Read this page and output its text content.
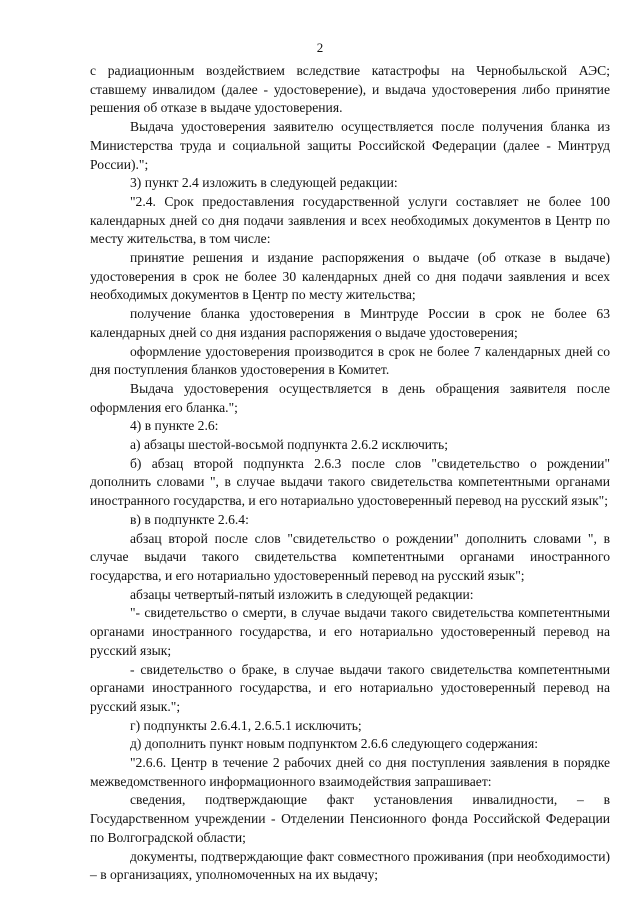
2

с радиационным воздействием вследствие катастрофы на Чернобыльской АЭС; ставшему инвалидом (далее - удостоверение), и выдача удостоверения либо принятие решения об отказе в выдаче удостоверения.

Выдача удостоверения заявителю осуществляется после получения бланка из Министерства труда и социальной защиты Российской Федерации (далее - Минтруд России).";

3) пункт 2.4 изложить в следующей редакции:

"2.4. Срок предоставления государственной услуги составляет не более 100 календарных дней со дня подачи заявления и всех необходимых документов в Центр по месту жительства, в том числе:

принятие решения и издание распоряжения о выдаче (об отказе в выдаче) удостоверения в срок не более 30 календарных дней со дня подачи заявления и всех необходимых документов в Центр по месту жительства;

получение бланка удостоверения в Минтруде России в срок не более 63 календарных дней со дня издания распоряжения о выдаче удостоверения;

оформление удостоверения производится в срок не более 7 календарных дней со дня поступления бланков удостоверения в Комитет.

Выдача удостоверения осуществляется в день обращения заявителя после оформления его бланка.";

4) в пункте 2.6:

а) абзацы шестой-восьмой подпункта 2.6.2 исключить;

б) абзац второй подпункта 2.6.3 после слов "свидетельство о рождении" дополнить словами ", в случае выдачи такого свидетельства компетентными органами иностранного государства, и его нотариально удостоверенный перевод на русский язык";

в) в подпункте 2.6.4:

абзац второй после слов "свидетельство о рождении" дополнить словами ", в случае выдачи такого свидетельства компетентными органами иностранного государства, и его нотариально удостоверенный перевод на русский язык";

абзацы четвертый-пятый изложить в следующей редакции:

"- свидетельство о смерти, в случае выдачи такого свидетельства компетентными органами иностранного государства, и его нотариально удостоверенный перевод на русский язык;

- свидетельство о браке, в случае выдачи такого свидетельства компетентными органами иностранного государства, и его нотариально удостоверенный перевод на русский язык.";

г) подпункты 2.6.4.1, 2.6.5.1 исключить;

д) дополнить пункт новым подпунктом 2.6.6 следующего содержания:

"2.6.6. Центр в течение 2 рабочих дней со дня поступления заявления в порядке межведомственного информационного взаимодействия запрашивает:

сведения, подтверждающие факт установления инвалидности, – в Государственном учреждении - Отделении Пенсионного фонда Российской Федерации по Волгоградской области;

документы, подтверждающие факт совместного проживания (при необходимости) – в организациях, уполномоченных на их выдачу;
